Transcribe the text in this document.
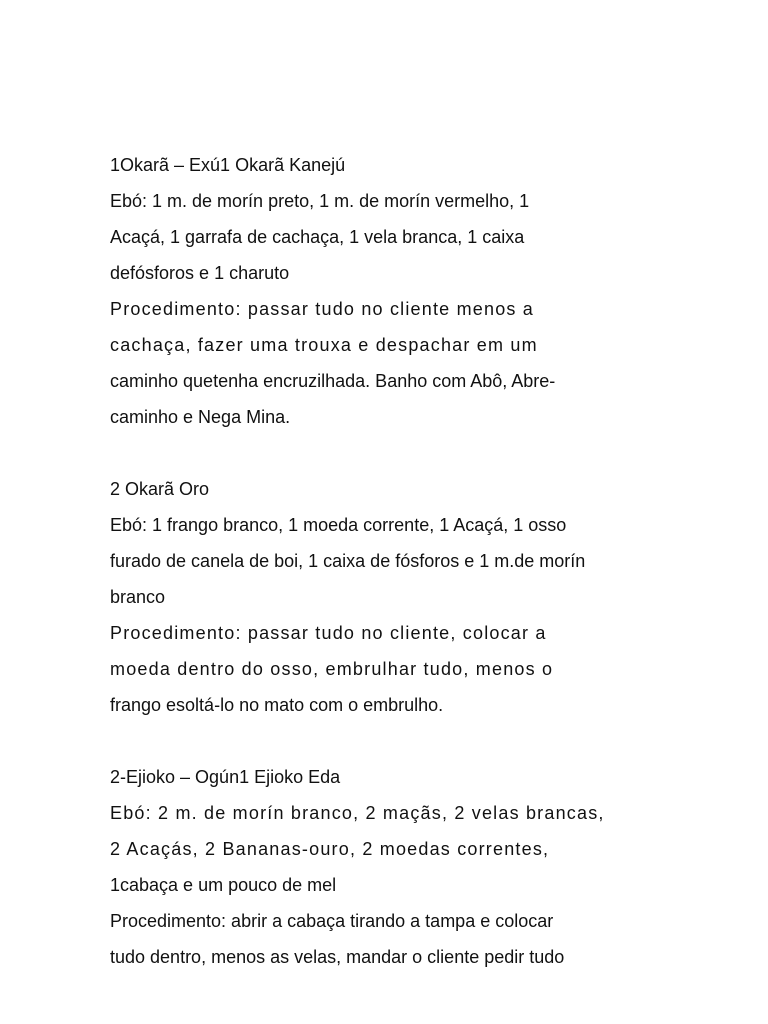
1Okarã – Exú1 Okarã Kanejú

Ebó: 1 m. de morín preto, 1 m. de morín vermelho, 1

Acaçá, 1 garrafa de cachaça, 1 vela branca, 1 caixa

defósforos e 1 charuto

Procedimento: passar tudo no cliente menos a

cachaça, fazer uma trouxa e despachar em um

caminho quetenha encruzilhada. Banho com Abô, Abre-

caminho e Nega Mina.

2 Okarã Oro

Ebó: 1 frango branco, 1 moeda corrente, 1 Acaçá, 1 osso

furado de canela de boi, 1 caixa de fósforos e 1 m.de morín

branco

Procedimento: passar tudo no cliente, colocar a

moeda dentro do osso, embrulhar tudo, menos o

frango esoltá-lo no mato com o embrulho.

2-Ejioko – Ogún1 Ejioko Eda

Ebó: 2 m. de morín branco, 2 maçãs, 2 velas brancas,

2 Acaçás, 2 Bananas-ouro, 2 moedas correntes,

1cabaça e um pouco de mel

Procedimento: abrir a cabaça tirando a tampa e colocar

tudo dentro, menos as velas, mandar o cliente pedir tudo
